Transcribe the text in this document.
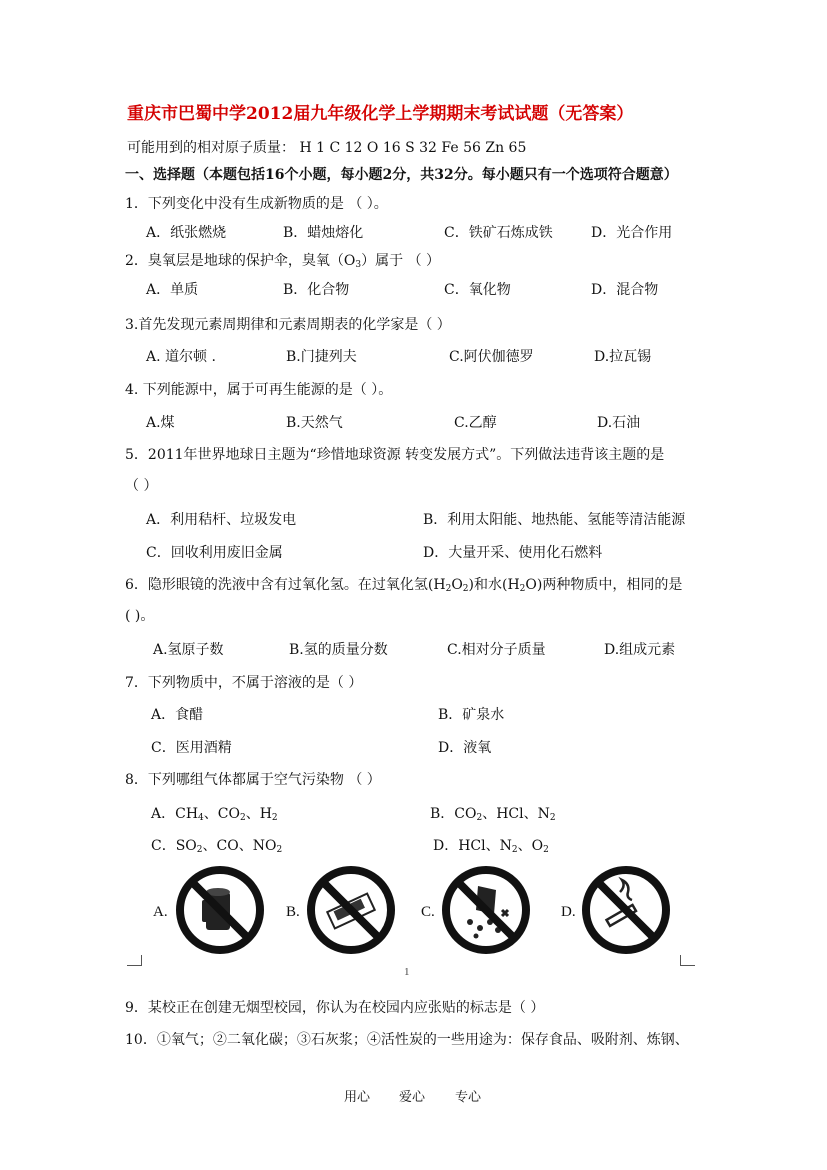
重庆市巴蜀中学2012届九年级化学上学期期末考试试题（无答案）
可能用到的相对原子质量： H 1 C 12 O 16 S 32 Fe 56 Zn 65
一、选择题（本题包括16个小题，每小题2分，共32分。每小题只有一个选项符合题意）
1．下列变化中没有生成新物质的是 （ ）。
A．纸张燃烧	B．蜡烛熔化	C．铁矿石炼成铁	D．光合作用
2．臭氧层是地球的保护伞，臭氧$(O_3)$属于 （ ）
A．单质	B．化合物	C．氧化物	D．混合物
3.首先发现元素周期律和元素周期表的化学家是（ ）
A. 道尔顿 .	B.门捷列夫	C.阿伏伽德罗	D.拉瓦锡
4. 下列能源中，属于可再生能源的是（ ）。
A.煤	B.天然气	C.乙醇	D.石油
5．2011年世界地球日主题为“珍惜地球资源 转变发展方式”。下列做法违背该主题的是
（ ）
A．利用秸杆、垃圾发电	B．利用太阳能、地热能、氢能等清洁能源
C．回收利用废旧金属	D．大量开采、使用化石燃料
6．隐形眼镜的洗液中含有过氧化氢。在过氧化氢$(H_2O_2)$和水$(H_2O)$两种物质中，相同的是
( )。
A.氢原子数	B.氢的质量分数	C.相对分子质量	D.组成元素
7．下列物质中，不属于溶液的是（ ）
A．食醋	B．矿泉水
C．医用酒精	D．液氧
8．下列哪组气体都属于空气污染物 （ ）
A．$CH_4$、$CO_2$、$H_2$	B．$CO_2$、HCl、$N_2$
C．$SO_2$、CO、$NO_2$	D．HCl、$N_2$、$O_2$
A.	B.	C.	D.
1
9．某校正在创建无烟型校园，你认为在校园内应张贴的标志是（ ）
10．①氧气；②二氧化碳；③石灰浆；④活性炭的一些用途为：保存食品、吸附剂、炼钢、
用心 爱心 专心
